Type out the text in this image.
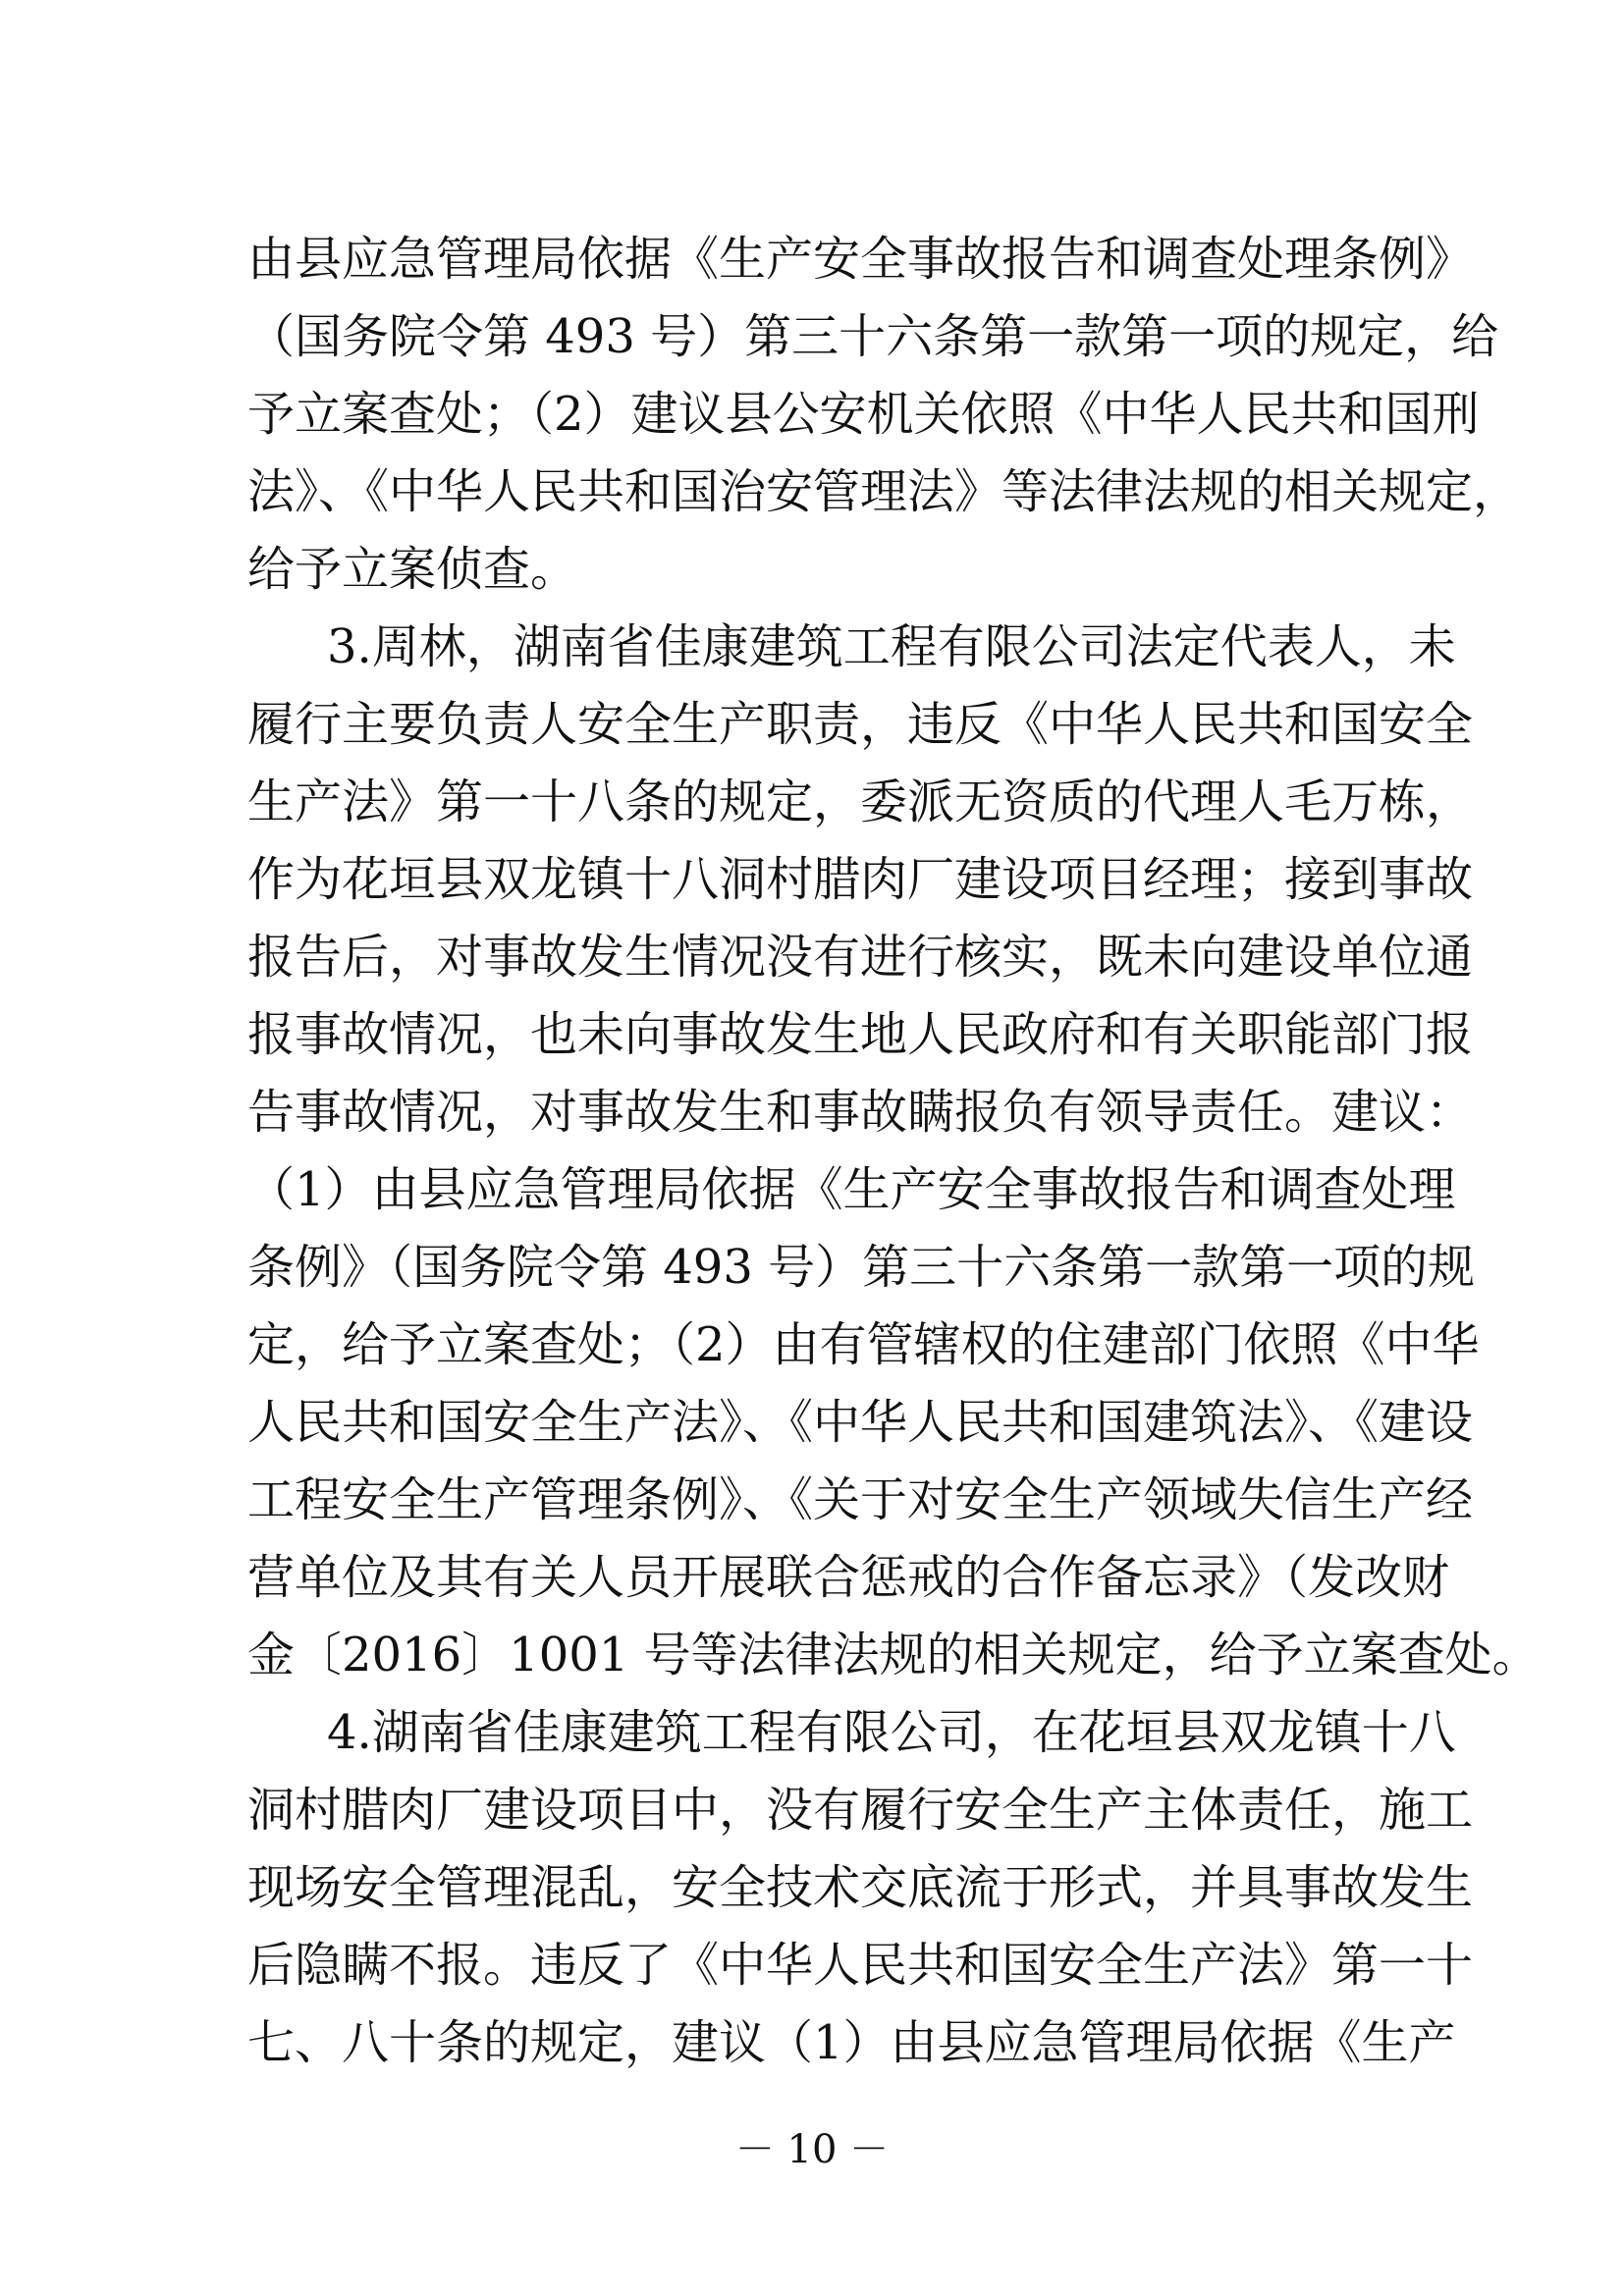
由县应急管理局依据《生产安全事故报告和调查处理条例》
（国务院令第 493 号）第三十六条第一款第一项的规定，给
予立案查处；（2）建议县公安机关依照《中华人民共和国刑
法》、《中华人民共和国治安管理法》等法律法规的相关规定，
给予立案侦查。
3.周林，湖南省佳康建筑工程有限公司法定代表人，未
履行主要负责人安全生产职责，违反《中华人民共和国安全
生产法》第一十八条的规定，委派无资质的代理人毛万栋，
作为花垣县双龙镇十八洞村腊肉厂建设项目经理；接到事故
报告后，对事故发生情况没有进行核实，既未向建设单位通
报事故情况，也未向事故发生地人民政府和有关职能部门报
告事故情况，对事故发生和事故瞒报负有领导责任。建议：
（1）由县应急管理局依据《生产安全事故报告和调查处理
条例》（国务院令第 493 号）第三十六条第一款第一项的规
定，给予立案查处；（2）由有管辖权的住建部门依照《中华
人民共和国安全生产法》、《中华人民共和国建筑法》、《建设
工程安全生产管理条例》、《关于对安全生产领域失信生产经
营单位及其有关人员开展联合惩戒的合作备忘录》（发改财
金〔2016〕1001 号等法律法规的相关规定，给予立案查处。
4.湖南省佳康建筑工程有限公司，在花垣县双龙镇十八
洞村腊肉厂建设项目中，没有履行安全生产主体责任，施工
现场安全管理混乱，安全技术交底流于形式，并具事故发生
后隐瞒不报。违反了《中华人民共和国安全生产法》第一十
七、八十条的规定，建议（1）由县应急管理局依据《生产
－ 10 －
